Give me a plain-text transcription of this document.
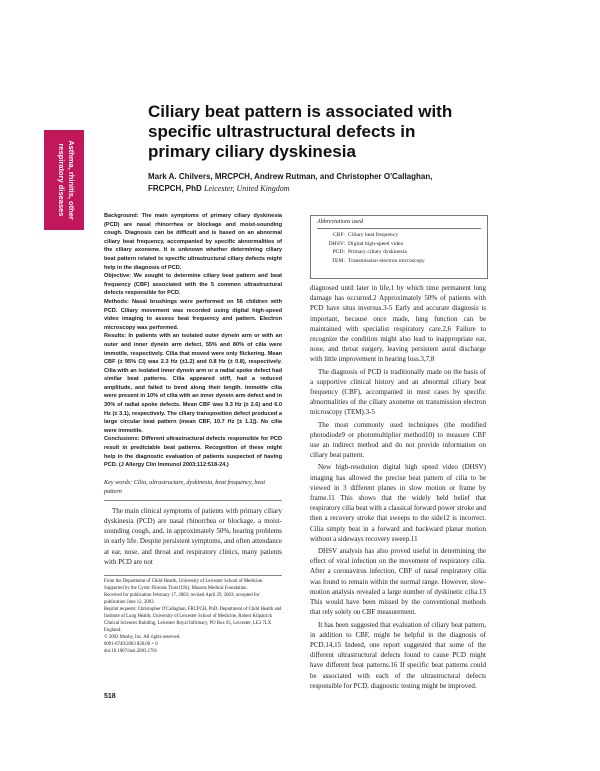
Asthma, rhinitis, other
respiratory diseases
Ciliary beat pattern is associated with specific ultrastructural defects in primary ciliary dyskinesia
Mark A. Chilvers, MRCPCH, Andrew Rutman, and Christopher O'Callaghan, FRCPCH, PhD Leicester, United Kingdom

Background: The main symptoms of primary ciliary dyskinesia (PCD) are nasal rhinorrhea or blockage and moist-sounding cough. Diagnosis can be difficult and is based on an abnormal ciliary beat frequency, accompanied by specific abnormalities of the ciliary axoneme. It is unknown whether determining ciliary beat pattern related to specific ultrastructural ciliary defects might help in the diagnosis of PCD.

Objective: We sought to determine ciliary beat pattern and beat frequency (CBF) associated with the 5 common ultrastructural defects responsible for PCD.

Methods: Nasal brushings were performed on 56 children with PCD. Ciliary movement was recorded using digital high-speed video imaging to assess beat frequency and pattern. Electron microscopy was performed.

Results: In patients with an isolated outer dynein arm or with an outer and inner dynein arm defect, 55% and 80% of cilia were immotile, respectively. Cilia that moved were only flickering. Mean CBF (± 95% CI) was 2.3 Hz (±1.2) and 0.8 Hz (± 0.8), respectively. Cilia with an isolated inner dynein arm or a radial spoke defect had similar beat patterns. Cilia appeared stiff, had a reduced amplitude, and failed to bend along their length. Immotile cilia were present in 10% of cilia with an inner dynein arm defect and in 30% of radial spoke defects. Mean CBF was 9.3 Hz (± 2.6) and 6.0 Hz (± 3.1), respectively. The ciliary transposition defect produced a large circular beat pattern (mean CBF, 10.7 Hz [± 1.1]). No cilia were immotile.

Conclusions: Different ultrastructural defects responsible for PCD result in predictable beat patterns. Recognition of these might help in the diagnostic evaluation of patients suspected of having PCD. (J Allergy Clin Immunol 2003;112:518-24.)

Key words: Cilia, ultrastructure, dyskinesia, beat frequency, beat pattern

The main clinical symptoms of patients with primary ciliary dyskinesia (PCD) are nasal rhinorrhea or blockage, a moist-sounding cough, and, in approximately 50%, hearing problems in early life. Despite persistent symptoms, and often attendance at ear, nose, and throat and respiratory clinics, many patients with PCD are not

From the Department of Child Health, University of Leicester School of Medicine.

Supported by the Cystic Fibrosis Trust (UK), Masons Medical Foundation.

Received for publication February 17, 2003; revised April 29, 2003; accepted for publication June 12, 2003.

Reprint requests: Christopher O'Callaghan, FRCPCH, PhD, Department of Child Health and Institute of Lung Health, University of Leicester School of Medicine, Robert Kilpatrick Clinical Sciences Building, Leicester Royal Infirmary, PO Box 65, Leicester, LE2 7LX England.

© 2003 Mosby, Inc. All rights reserved.

0091-6749/2003 $30.00 + 0

doi:10.1067/mai.2003.1701

518
Abbreviations used
CBF: Ciliary beat frequency
DHSV: Digital high-speed video
PCD: Primary ciliary dyskinesia
TEM: Transmission electron microscopy

diagnosed until later in life,1 by which time permanent lung damage has occurred.2 Approximately 50% of patients with PCD have situs inversus.3-5 Early and accurate diagnosis is important, because once made, lung function can be maintained with specialist respiratory care.2,6 Failure to recognize the condition might also lead to inappropriate ear, nose, and throat surgery, leaving persistent aural discharge with little improvement in hearing loss.3,7,8

The diagnosis of PCD is traditionally made on the basis of a supportive clinical history and an abnormal ciliary beat frequency (CBF), accompanied in most cases by specific abnormalities of the ciliary axoneme on transmission electron microscopy (TEM).3-5

The most commonly used techniques (the modified photodiode9 or photomultiplier method10) to measure CBF use an indirect method and do not provide information on ciliary beat pattern.

New high-resolution digital high speed video (DHSV) imaging has allowed the precise beat pattern of cilia to be viewed in 3 different planes in slow motion or frame by frame.11 This shows that the widely held belief that respiratory cilia beat with a classical forward power stroke and then a recovery stroke that sweeps to the side12 is incorrect. Cilia simply beat in a forward and backward planar motion without a sideways recovery sweep.11

DHSV analysis has also proved useful in determining the effect of viral infection on the movement of respiratory cilia. After a coronavirus infection, CBF of nasal respiratory cilia was found to remain within the normal range. However, slow-motion analysis revealed a large number of dyskinetic cilia.13 This would have been missed by the conventional methods that rely solely on CBF measurement.

It has been suggested that evaluation of ciliary beat pattern, in addition to CBF, might be helpful in the diagnosis of PCD.14,15 Indeed, one report suggested that some of the different ultrastructural defects found to cause PCD might have different beat patterns.16 If specific beat patterns could be associated with each of the ultrastructural defects responsible for PCD, diagnostic testing might be improved.
